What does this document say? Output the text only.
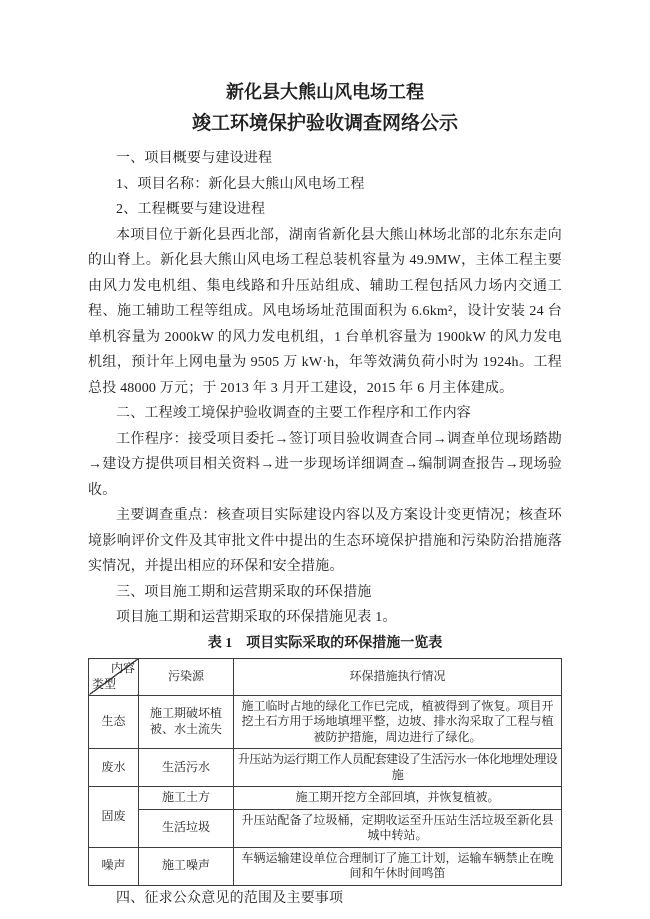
新化县大熊山风电场工程
竣工环境保护验收调查网络公示

一、项目概要与建设进程

1、项目名称：新化县大熊山风电场工程

2、工程概要与建设进程

本项目位于新化县西北部，湖南省新化县大熊山林场北部的北东东走向的山脊上。新化县大熊山风电场工程总装机容量为 49.9MW，主体工程主要由风力发电机组、集电线路和升压站组成、辅助工程包括风力场内交通工程、施工辅助工程等组成。风电场场址范围面积为 6.6km²，设计安装 24 台单机容量为 2000kW 的风力发电机组，1 台单机容量为 1900kW 的风力发电机组，预计年上网电量为 9505 万 kW·h，年等效满负荷小时为 1924h。工程总投 48000 万元；于 2013 年 3 月开工建设，2015 年 6 月主体建成。

二、工程竣工境保护验收调查的主要工作程序和工作内容

工作程序：接受项目委托→签订项目验收调查合同→调查单位现场踏勘→建设方提供项目相关资料→进一步现场详细调查→编制调查报告→现场验收。

主要调查重点：核查项目实际建设内容以及方案设计变更情况；核查环境影响评价文件及其审批文件中提出的生态环境保护措施和污染防治措施落实情况，并提出相应的环保和安全措施。

三、项目施工期和运营期采取的环保措施

项目施工期和运营期采取的环保措施见表 1。

表 1　项目实际采取的环保措施一览表
内容
类型	污染源	环保措施执行情况
生态	施工期破坏植被、水土流失	施工临时占地的绿化工作已完成，植被得到了恢复。项目开挖土石方用于场地填埋平整，边坡、排水沟采取了工程与植被防护措施，周边进行了绿化。
废水	生活污水	升压站为运行期工作人员配套建设了生活污水一体化地埋处理设施
固废	施工土方	施工期开挖方全部回填，并恢复植被。
	生活垃圾	升压站配备了垃圾桶，定期收运至升压站生活垃圾至新化县城中转站。
噪声	施工噪声	车辆运输建设单位合理制订了施工计划，运输车辆禁止在晚间和午休时间鸣笛

四、征求公众意见的范围及主要事项
